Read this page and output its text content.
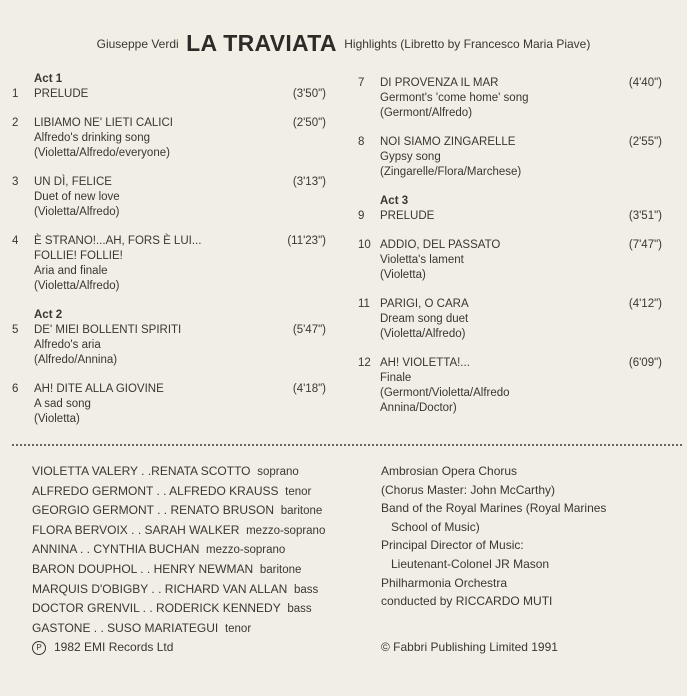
Giuseppe Verdi LA TRAVIATA $^{Highlights (Libretto by Francesco Maria Piave)}$
Act 1
1	PRELUDE	(3'50")
2	LIBIAMO NE' LIETI CALICI
Alfredo's drinking song
(Violetta/Alfredo/everyone)
(2'50")
3	UN DÌ, FELICE
Duet of new love
(Violetta/Alfredo)
(3'13")
4	È STRANO!...AH, FORS È LUI...
FOLLIE! FOLLIE!
Aria and finale
(Violetta/Alfredo)
(11'23")
Act 2
5	DE' MIEI BOLLENTI SPIRITI
Alfredo's aria
(Alfredo/Annina)
(5'47")
6	AH! DITE ALLA GIOVINE
A sad song
(Violetta)
(4'18")
7	DI PROVENZA IL MAR
Germont's 'come home' song
(Germont/Alfredo)
(4'40")
8	NOI SIAMO ZINGARELLE
Gypsy song
(Zingarelle/Flora/Marchese)
(2'55")
Act 3
9	PRELUDE	(3'51")
10 ADDIO, DEL PASSATO
Violetta's lament
(Violetta)
(7'47")
11 PARIGI, O CARA
Dream song duet
(Violetta/Alfredo)
(4'12")
12 AH! VIOLETTA!...
Finale
(Germont/Violetta/Alfredo
Annina/Doctor)
(6'09")
VIOLETTA VALERY . .RENATA SCOTTO soprano
ALFREDO GERMONT . . ALFREDO KRAUSS tenor
GEORGIO GERMONT . . RENATO BRUSON baritone
FLORA BERVOIX . . SARAH WALKER mezzo-soprano
ANNINA . . CYNTHIA BUCHAN mezzo-soprano
BARON DOUPHOL . . HENRY NEWMAN baritone
MARQUIS D'OBIGBY . . RICHARD VAN ALLAN bass
DOCTOR GRENVIL . . RODERICK KENNEDY bass
GASTONE . . SUSO MARIATEGUI tenor
Ambrosian Opera Chorus
(Chorus Master: John McCarthy)
Band of the Royal Marines (Royal Marines
School of Music)
Principal Director of Music:
Lieutenant-Colonel JR Mason
Philharmonia Orchestra
conducted by RICCARDO MUTI
P 1982 EMI Records Ltd	© Fabbri Publishing Limited 1991
